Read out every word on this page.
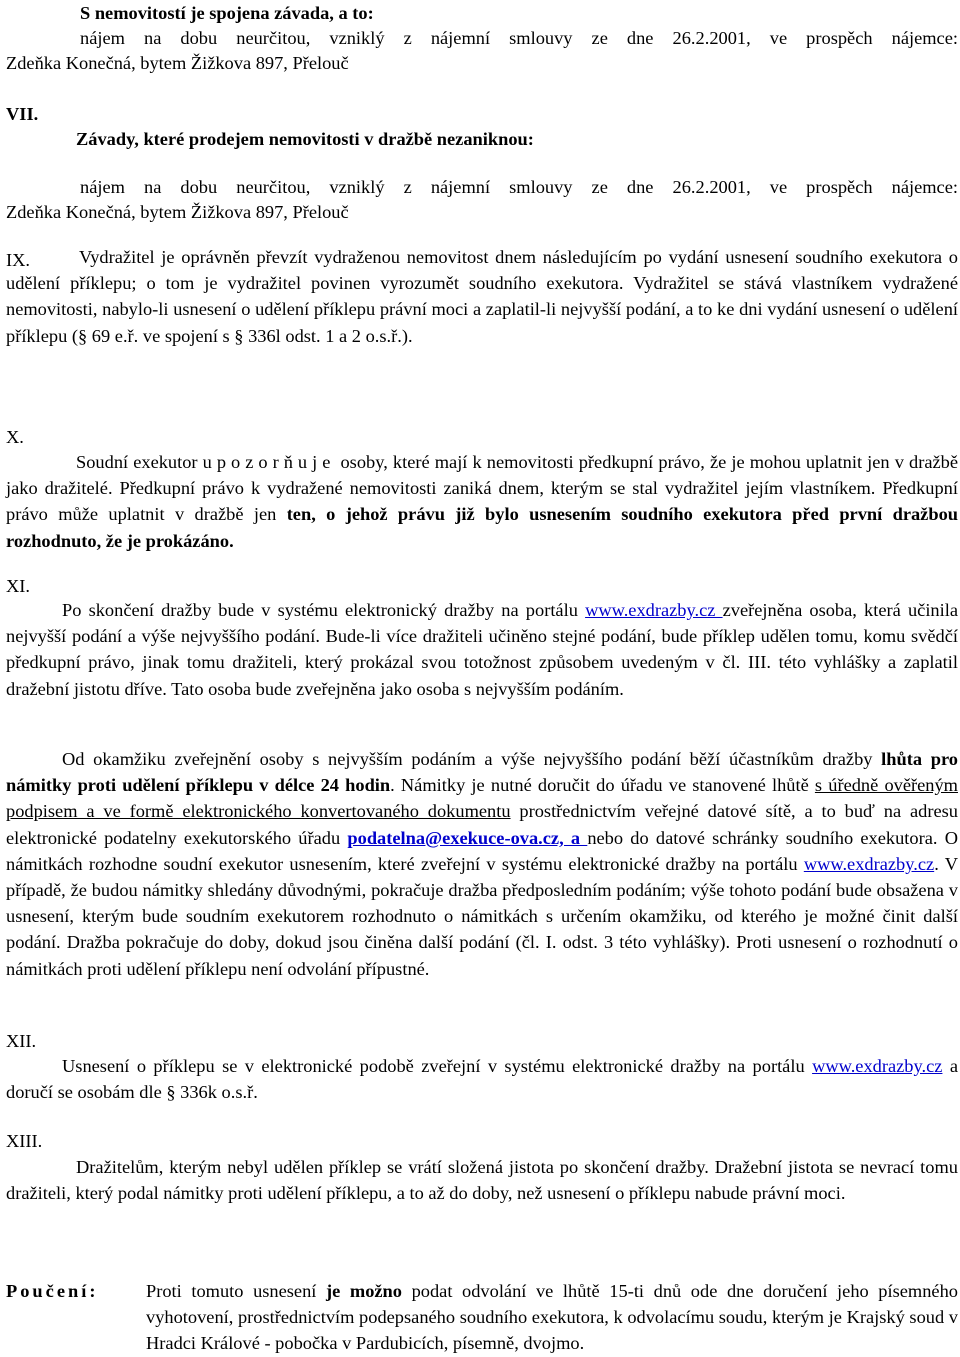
S nemovitostí je spojena závada, a to:
nájem na dobu neurčitou, vzniklý z nájemní smlouvy ze dne 26.2.2001, ve prospěch nájemce:
Zdeňka Konečná, bytem Žižkova 897, Přelouč
VII.
Závady, které prodejem nemovitosti v dražbě nezaniknou:
nájem na dobu neurčitou, vzniklý z nájemní smlouvy ze dne 26.2.2001, ve prospěch nájemce:
Zdeňka Konečná, bytem Žižkova 897, Přelouč
IX.	Vydražitel je oprávněn převzít vydraženou nemovitost dnem následujícím po vydání usnesení soudního exekutora o udělení příklepu; o tom je vydražitel povinen vyrozumět soudního exekutora. Vydražitel se stává vlastníkem vydražené nemovitosti, nabylo-li usnesení o udělení příklepu právní moci a zaplatil-li nejvyšší podání, a to ke dni vydání usnesení o udělení příklepu (§ 69 e.ř. ve spojení s § 336l odst. 1 a 2 o.s.ř.).
X.
Soudní exekutor upozorňuje osoby, které mají k nemovitosti předkupní právo, že je mohou uplatnit jen v dražbě jako dražitelé. Předkupní právo k vydražené nemovitosti zaniká dnem, kterým se stal vydražitel jejím vlastníkem. Předkupní právo může uplatnit v dražbě jen ten, o jehož právu již bylo usnesením soudního exekutora před první dražbou rozhodnuto, že je prokázáno.
XI.
Po skončení dražby bude v systému elektronický dražby na portálu www.exdrazby.cz zveřejněna osoba, která učinila nejvyšší podání a výše nejvyššího podání. Bude-li více dražiteli učiněno stejné podání, bude příklep udělen tomu, komu svědčí předkupní právo, jinak tomu dražiteli, který prokázal svou totožnost způsobem uvedeným v čl. III. této vyhlášky a zaplatil dražební jistotu dříve. Tato osoba bude zveřejněna jako osoba s nejvyšším podáním.
Od okamžiku zveřejnění osoby s nejvyšším podáním a výše nejvyššího podání běží účastníkům dražby lhůta pro námitky proti udělení příklepu v délce 24 hodin. Námitky je nutné doručit do úřadu ve stanovené lhůtě s úředně ověřeným podpisem a ve formě elektronického konvertovaného dokumentu prostřednictvím veřejné datové sítě, a to buď na adresu elektronické podatelny exekutorského úřadu podatelna@exekuce-ova.cz, a nebo do datové schránky soudního exekutora. O námitkách rozhodne soudní exekutor usnesením, které zveřejní v systému elektronické dražby na portálu www.exdrazby.cz. V případě, že budou námitky shledány důvodnými, pokračuje dražba předposledním podáním; výše tohoto podání bude obsažena v usnesení, kterým bude soudním exekutorem rozhodnuto o námitkách s určením okamžiku, od kterého je možné činit další podání. Dražba pokračuje do doby, dokud jsou činěna další podání (čl. I. odst. 3 této vyhlášky). Proti usnesení o rozhodnutí o námitkách proti udělení příklepu není odvolání přípustné.
XII.
Usnesení o příklepu se v elektronické podobě zveřejní v systému elektronické dražby na portálu www.exdrazby.cz a doručí se osobám dle § 336k o.s.ř.
XIII.
Dražitelům, kterým nebyl udělen příklep se vrátí složená jistota po skončení dražby. Dražební jistota se nevrací tomu dražiteli, který podal námitky proti udělení příklepu, a to až do doby, než usnesení o příklepu nabude právní moci.
Poučení:	Proti tomuto usnesení je možno podat odvolání ve lhůtě 15-ti dnů ode dne doručení jeho písemného vyhotovení, prostřednictvím podepsaného soudního exekutora, k odvolacímu soudu, kterým je Krajský soud v Hradci Králové - pobočka v Pardubicích, písemně, dvojmo.
